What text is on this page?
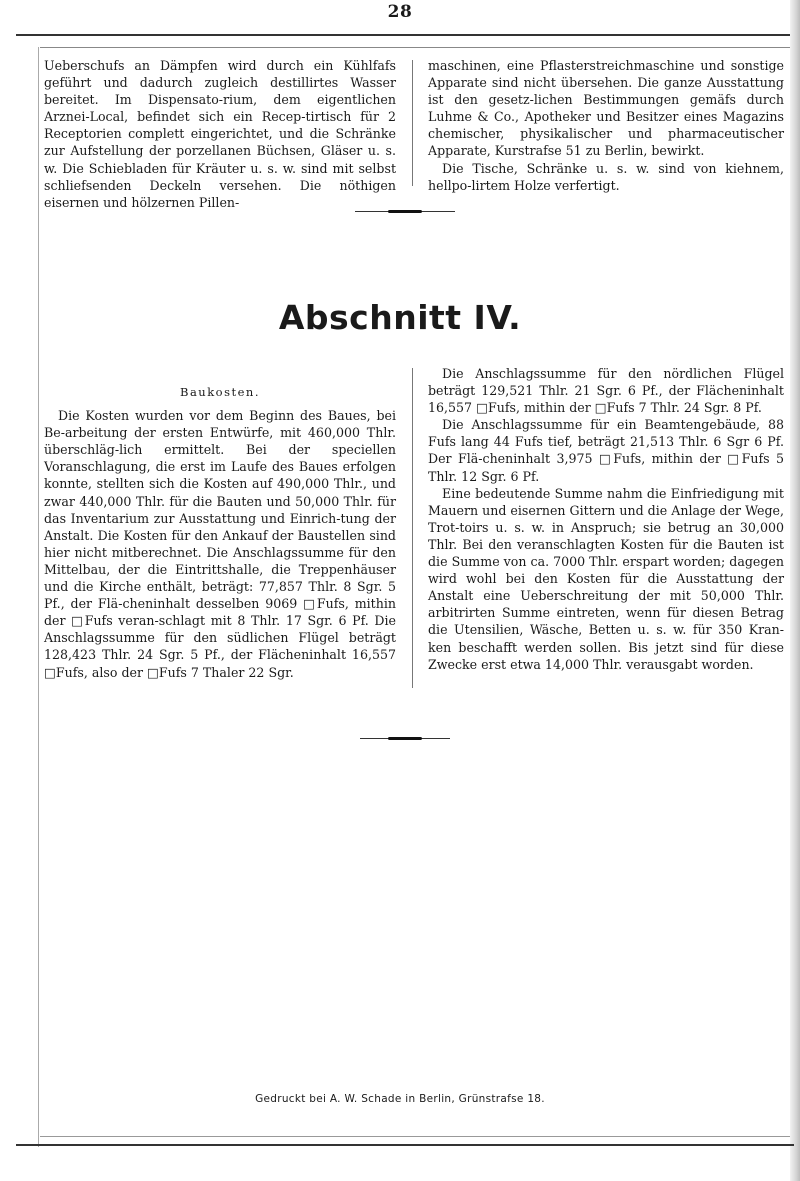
28

Ueberschufs an Dämpfen wird durch ein Kühlfafs geführt und dadurch zugleich destillirtes Wasser bereitet. Im Dispensato-rium, dem eigentlichen Arznei-Local, befindet sich ein Recep-tirtisch für 2 Receptorien complett eingerichtet, und die Schränke zur Aufstellung der porzellanen Büchsen, Gläser u. s. w. Die Schiebladen für Kräuter u. s. w. sind mit selbst schliefsenden Deckeln versehen. Die nöthigen eisernen und hölzernen Pillen-

maschinen, eine Pflasterstreichmaschine und sonstige Apparate sind nicht übersehen. Die ganze Ausstattung ist den gesetz-lichen Bestimmungen gemäfs durch Luhme & Co., Apotheker und Besitzer eines Magazins chemischer, physikalischer und pharmaceutischer Apparate, Kurstrafse 51 zu Berlin, bewirkt.

Die Tische, Schränke u. s. w. sind von kiehnem, hellpo-lirtem Holze verfertigt.

Abschnitt IV.

Baukosten.

Die Kosten wurden vor dem Beginn des Baues, bei Be-arbeitung der ersten Entwürfe, mit 460,000 Thlr. überschläg-lich ermittelt. Bei der speciellen Voranschlagung, die erst im Laufe des Baues erfolgen konnte, stellten sich die Kosten auf 490,000 Thlr., und zwar 440,000 Thlr. für die Bauten und 50,000 Thlr. für das Inventarium zur Ausstattung und Einrich-tung der Anstalt. Die Kosten für den Ankauf der Baustellen sind hier nicht mitberechnet. Die Anschlagssumme für den Mittelbau, der die Eintrittshalle, die Treppenhäuser und die Kirche enthält, beträgt: 77,857 Thlr. 8 Sgr. 5 Pf., der Flä-cheninhalt desselben 9069 □Fufs, mithin der □Fufs veran-schlagt mit 8 Thlr. 17 Sgr. 6 Pf. Die Anschlagssumme für den südlichen Flügel beträgt 128,423 Thlr. 24 Sgr. 5 Pf., der Flächeninhalt 16,557 □Fufs, also der □Fufs 7 Thaler 22 Sgr.

Die Anschlagssumme für den nördlichen Flügel beträgt 129,521 Thlr. 21 Sgr. 6 Pf., der Flächeninhalt 16,557 □Fufs, mithin der □Fufs 7 Thlr. 24 Sgr. 8 Pf.

Die Anschlagssumme für ein Beamtengebäude, 88 Fufs lang 44 Fufs tief, beträgt 21,513 Thlr. 6 Sgr 6 Pf. Der Flä-cheninhalt 3,975 □Fufs, mithin der □Fufs 5 Thlr. 12 Sgr. 6 Pf.

Eine bedeutende Summe nahm die Einfriedigung mit Mauern und eisernen Gittern und die Anlage der Wege, Trot-toirs u. s. w. in Anspruch; sie betrug an 30,000 Thlr. Bei den veranschlagten Kosten für die Bauten ist die Summe von ca. 7000 Thlr. erspart worden; dagegen wird wohl bei den Kosten für die Ausstattung der Anstalt eine Ueberschreitung der mit 50,000 Thlr. arbitrirten Summe eintreten, wenn für diesen Betrag die Utensilien, Wäsche, Betten u. s. w. für 350 Kran-ken beschafft werden sollen. Bis jetzt sind für diese Zwecke erst etwa 14,000 Thlr. verausgabt worden.

Gedruckt bei A. W. Schade in Berlin, Grünstrafse 18.
